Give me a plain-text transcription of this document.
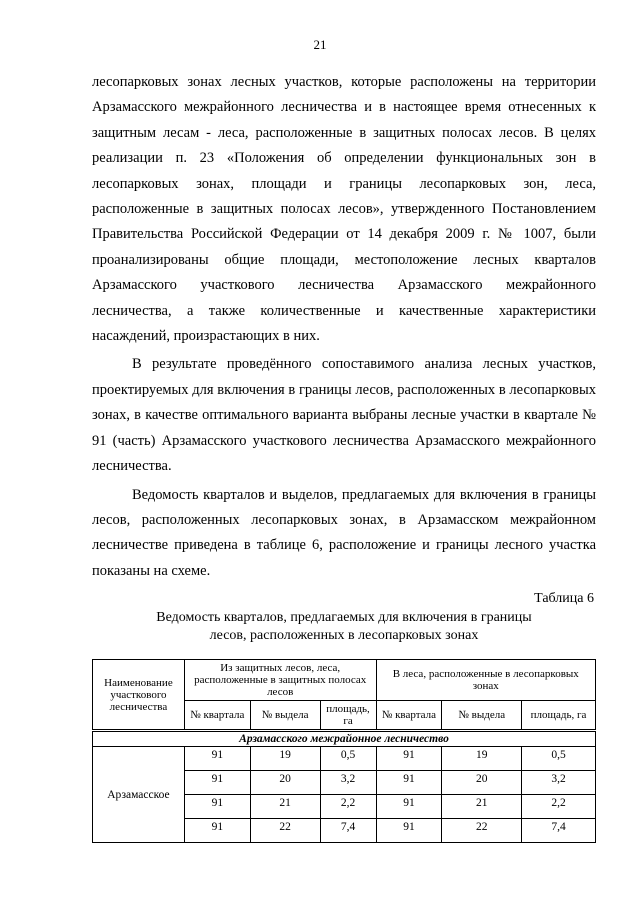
21

лесопарковых зонах лесных участков, которые расположены на территории Арзамасского межрайонного лесничества и в настоящее время отнесенных к защитным лесам - леса, расположенные в защитных полосах лесов. В целях реализации п. 23 «Положения об определении функциональных зон в лесопарковых зонах, площади и границы лесопарковых зон, леса, расположенные в защитных полосах лесов», утвержденного Постановлением Правительства Российской Федерации от 14 декабря 2009 г. № 1007, были проанализированы общие площади, местоположение лесных кварталов Арзамасского участкового лесничества Арзамасского межрайонного лесничества, а также количественные и качественные характеристики насаждений, произрастающих в них.

В результате проведённого сопоставимого анализа лесных участков, проектируемых для включения в границы лесов, расположенных в лесопарковых зонах, в качестве оптимального варианта выбраны лесные участки в квартале № 91 (часть) Арзамасского участкового лесничества Арзамасского межрайонного лесничества.

Ведомость кварталов и выделов, предлагаемых для включения в границы лесов, расположенных лесопарковых зонах, в Арзамасском межрайонном лесничестве приведена в таблице 6, расположение и границы лесного участка показаны на схеме.

Таблица 6
Ведомость кварталов, предлагаемых для включения в границы
лесов, расположенных в лесопарковых зонах
Наименование участкового лесничества	Из защитных лесов, леса, расположенные в защитных полосах лесов			В леса, расположенные в лесопарковых зонах		
	№ квартала	№ выдела	площадь, га	№ квартала	№ выдела	площадь, га
Арзамасского межрайонное лесничество						
Арзамасское	91	19	0,5	91	19	0,5
	91	20	3,2	91	20	3,2
	91	21	2,2	91	21	2,2
	91	22	7,4	91	22	7,4
